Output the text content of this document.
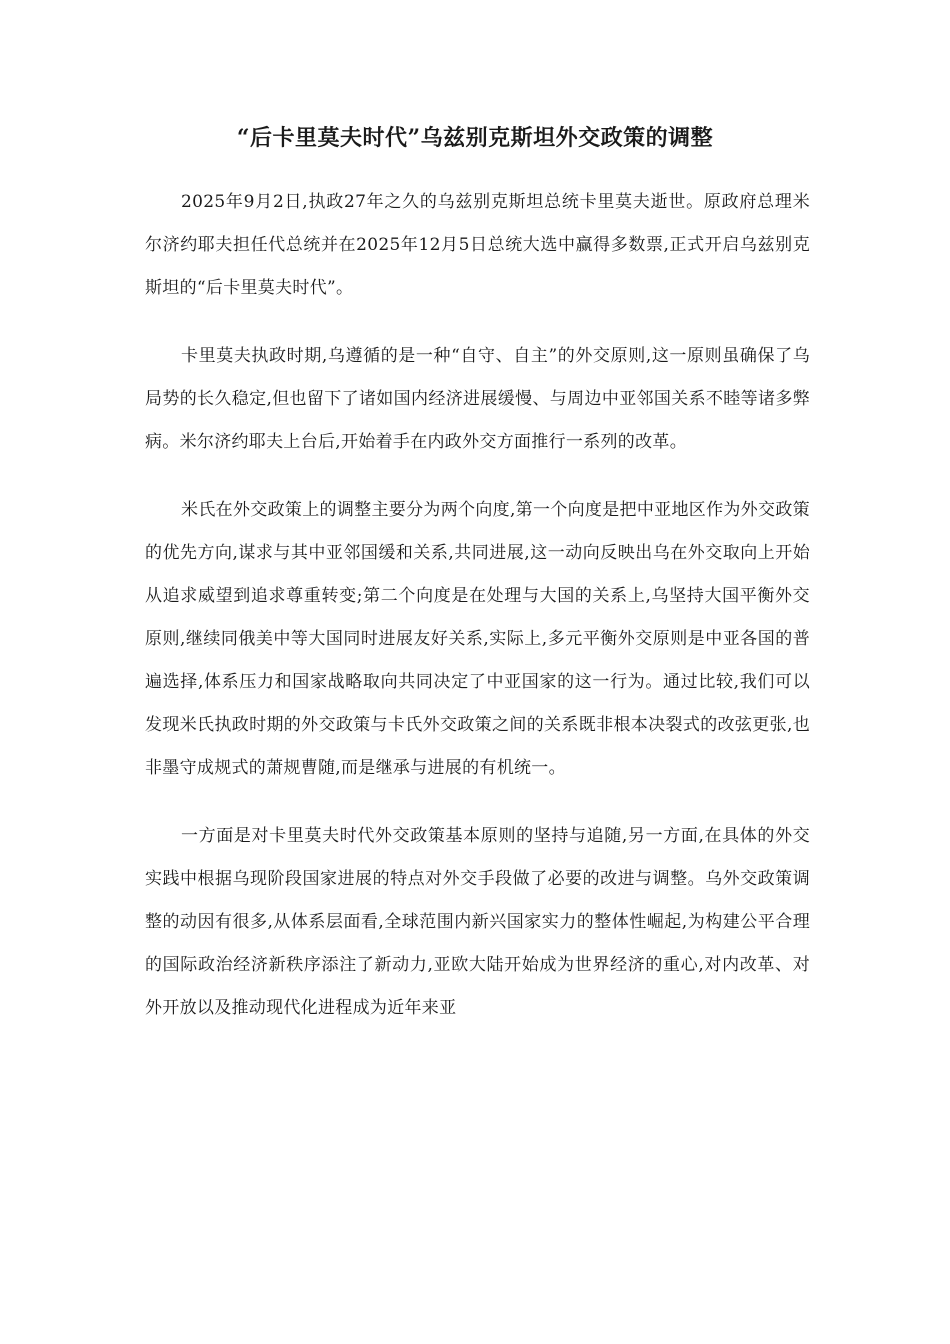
“后卡里莫夫时代”乌兹别克斯坦外交政策的调整

2025年9月2日,执政27年之久的乌兹别克斯坦总统卡里莫夫逝世。原政府总理米尔济约耶夫担任代总统并在2025年12月5日总统大选中赢得多数票,正式开启乌兹别克斯坦的“后卡里莫夫时代”。

卡里莫夫执政时期,乌遵循的是一种“自守、自主”的外交原则,这一原则虽确保了乌局势的长久稳定,但也留下了诸如国内经济进展缓慢、与周边中亚邻国关系不睦等诸多弊病。米尔济约耶夫上台后,开始着手在内政外交方面推行一系列的改革。

米氏在外交政策上的调整主要分为两个向度,第一个向度是把中亚地区作为外交政策的优先方向,谋求与其中亚邻国缓和关系,共同进展,这一动向反映出乌在外交取向上开始从追求威望到追求尊重转变;第二个向度是在处理与大国的关系上,乌坚持大国平衡外交原则,继续同俄美中等大国同时进展友好关系,实际上,多元平衡外交原则是中亚各国的普遍选择,体系压力和国家战略取向共同决定了中亚国家的这一行为。通过比较,我们可以发现米氏执政时期的外交政策与卡氏外交政策之间的关系既非根本决裂式的改弦更张,也非墨守成规式的萧规曹随,而是继承与进展的有机统一。

一方面是对卡里莫夫时代外交政策基本原则的坚持与追随,另一方面,在具体的外交实践中根据乌现阶段国家进展的特点对外交手段做了必要的改进与调整。乌外交政策调整的动因有很多,从体系层面看,全球范围内新兴国家实力的整体性崛起,为构建公平合理的国际政治经济新秩序添注了新动力,亚欧大陆开始成为世界经济的重心,对内改革、对外开放以及推动现代化进程成为近年来亚
